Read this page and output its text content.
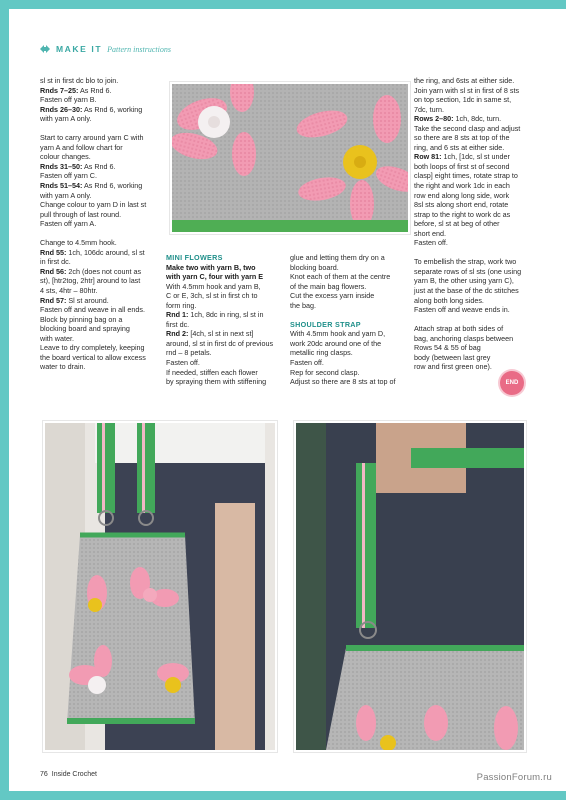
MAKE IT Pattern instructions

sl st in first dc blo to join.

Rnds 7–25: As Rnd 6.

Fasten off yarn B.

Rnds 26–30: As Rnd 6, working

with yarn A only.

Start to carry around yarn C with

yarn A and follow chart for

colour changes.

Rnds 31–50: As Rnd 6.

Fasten off yarn C.

Rnds 51–54: As Rnd 6, working

with yarn A only.

Change colour to yarn D in last st

pull through of last round.

Fasten off yarn A.

Change to 4.5mm hook.

Rnd 55: 1ch, 106dc around, sl st

in first dc.

Rnd 56: 2ch (does not count as

st), [htr2tog, 2htr] around to last

4 sts, 4htr – 80htr.

Rnd 57: Sl st around.

Fasten off and weave in all ends.

Block by pinning bag on a

blocking board and spraying

with water.

Leave to dry completely, keeping

the board vertical to allow excess

water to drain.

MINI FLOWERS

Make two with yarn B, two

with yarn C, four with yarn E

With 4.5mm hook and yarn B,

C or E, 3ch, sl st in first ch to

form ring.

Rnd 1: 1ch, 8dc in ring, sl st in

first dc.

Rnd 2: [4ch, sl st in next st]

around, sl st in first dc of previous

rnd – 8 petals.

Fasten off.

If needed, stiffen each flower

by spraying them with stiffening

glue and letting them dry on a

blocking board.

Knot each of them at the centre

of the main bag flowers.

Cut the excess yarn inside

the bag.

SHOULDER STRAP

With 4.5mm hook and yarn D,

work 20dc around one of the

metallic ring clasps.

Fasten off.

Rep for second clasp.

Adjust so there are 8 sts at top of

the ring, and 6sts at either side.

Join yarn with sl st in first of 8 sts

on top section, 1dc in same st,

7dc, turn.

Rows 2–80: 1ch, 8dc, turn.

Take the second clasp and adjust

so there are 8 sts at top of the

ring, and 6 sts at either side.

Row 81: 1ch, [1dc, sl st under

both loops of first st of second

clasp] eight times, rotate strap to

the right and work 1dc in each

row end along long side, work

8sl sts along short end, rotate

strap to the right to work dc as

before, sl st at beg of other

short end.

Fasten off.

To embellish the strap, work two

separate rows of sl sts (one using

yarn B, the other using yarn C),

just at the base of the dc stitches

along both long sides.

Fasten off and weave ends in.

Attach strap at both sides of

bag, anchoring clasps between

Rows 54 & 55 of bag

body (between last grey

row and first green one).

END
76 Inside Crochet	PassionForum.ru
